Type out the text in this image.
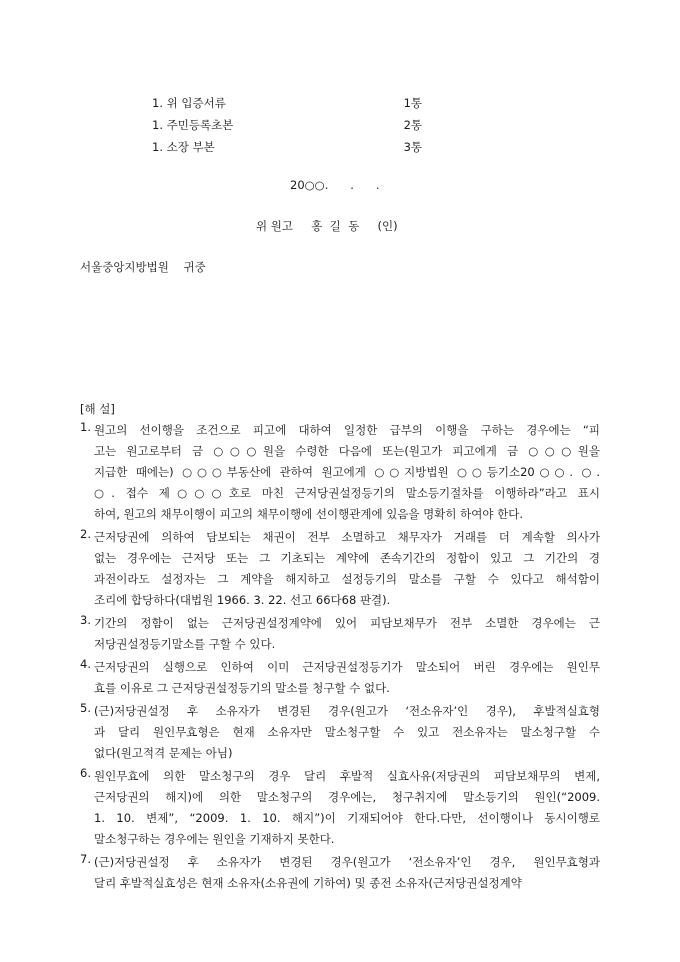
1. 위 입증서류	1통
1. 주민등록초본	2통
1. 소장 부본	3통
20○○.      .      .
위 원고     홍  길  동     (인)
서울중앙지방법원    귀중
[해 설]
1. 원고의 선이행을 조건으로 피고에 대하여 일정한 급부의 이행을 구하는 경우에는 “피
고는 원고로부터 금 ○○○원을 수령한 다음에 또는(원고가 피고에게 금 ○○○원을
지급한 때에는) ○○○부동산에 관하여 원고에게 ○○지방법원 ○○등기소20○○. ○.
○. 접수 제○○○호로 마친 근저당권설정등기의 말소등기절차를 이행하라”라고 표시
하여, 원고의 채무이행이 피고의 채무이행에 선이행관계에 있음을 명확히 하여야 한다.
2. 근저당권에 의하여 담보되는 채권이 전부 소멸하고 채무자가 거래를 더 계속할 의사가
없는 경우에는 근저당 또는 그 기초되는 계약에 존속기간의 정함이 있고 그 기간의 경
과전이라도 설정자는 그 계약을 해지하고 설정등기의 말소를 구할 수 있다고 해석함이
조리에 합당하다(대법원 1966. 3. 22. 선고 66다68 판결).
3. 기간의 정함이 없는 근저당권설정계약에 있어 피담보채무가 전부 소멸한 경우에는 근
저당권설정등기말소를 구할 수 있다.
4. 근저당권의 실행으로 인하여 이미 근저당권설정등기가 말소되어 버린 경우에는 원인무
효를 이유로 그 근저당권설정등기의 말소를 청구할 수 없다.
5. (근)저당권설정 후 소유자가 변경된 경우(원고가 ‘전소유자’인 경우), 후발적실효형
과 달리 원인무효형은 현재 소유자만 말소청구할 수 있고 전소유자는 말소청구할 수
없다(원고적격 문제는 아님)
6. 원인무효에 의한 말소청구의 경우 달리 후발적 실효사유(저당권의 피담보채무의 변제,
근저당권의 해지)에 의한 말소청구의 경우에는, 청구취지에 말소등기의 원인(“2009.
1. 10. 변제”, “2009. 1. 10. 해지”)이 기재되어야 한다.다만, 선이행이나 동시이행로
말소청구하는 경우에는 원인을 기재하지 못한다.
7. (근)저당권설정 후 소유자가 변경된 경우(원고가 ‘전소유자’인 경우, 원인무효형과
달리 후발적실효성은 현재 소유자(소유권에 기하여) 및 종전 소유자(근저당권설정계약
